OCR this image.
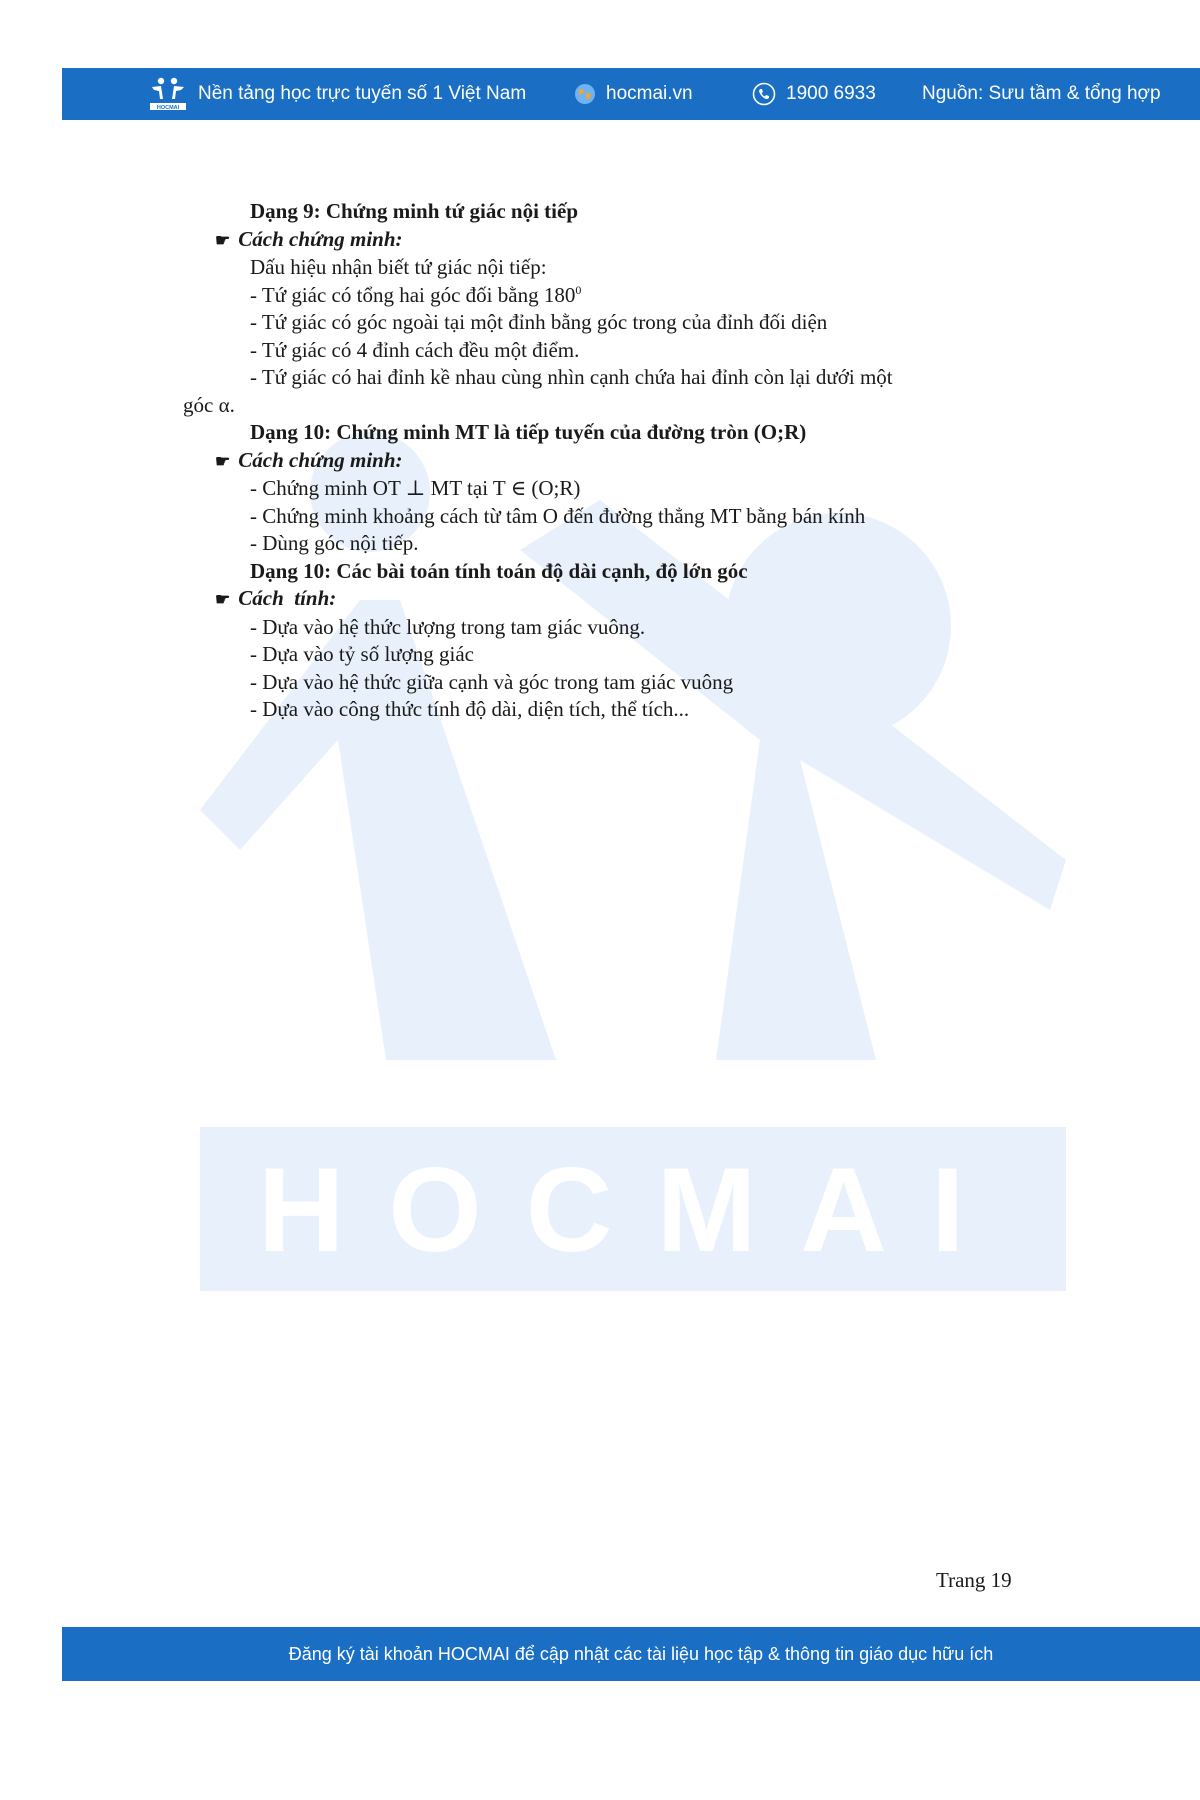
HOCMAI
HOCMAI
Nền tảng học trực tuyến số 1 Việt Nam	hocmai.vn	1900 6933 Nguồn: Sưu tầm & tổng hợp
Dạng 9: Chứng minh tứ giác nội tiếp
☛ Cách chứng minh:
Dấu hiệu nhận biết tứ giác nội tiếp:
- Tứ giác có tổng hai góc đối bằng $180^0$
- Tứ giác có góc ngoài tại một đỉnh bằng góc trong của đỉnh đối diện
- Tứ giác có 4 đỉnh cách đều một điểm.
- Tứ giác có hai đỉnh kề nhau cùng nhìn cạnh chứa hai đỉnh còn lại dưới một
góc α.
Dạng 10: Chứng minh MT là tiếp tuyến của đường tròn (O;R)
☛ Cách chứng minh:
- Chứng minh OT ⊥ MT tại T ∈ (O;R)
- Chứng minh khoảng cách từ tâm O đến đường thẳng MT bằng bán kính
- Dùng góc nội tiếp.
Dạng 10: Các bài toán tính toán độ dài cạnh, độ lớn góc
☛ Cách  tính:
- Dựa vào hệ thức lượng trong tam giác vuông.
- Dựa vào tỷ số lượng giác
- Dựa vào hệ thức giữa cạnh và góc trong tam giác vuông
- Dựa vào công thức tính độ dài, diện tích, thể tích...
Trang 19
Đăng ký tài khoản HOCMAI để cập nhật các tài liệu học tập & thông tin giáo dục hữu ích
